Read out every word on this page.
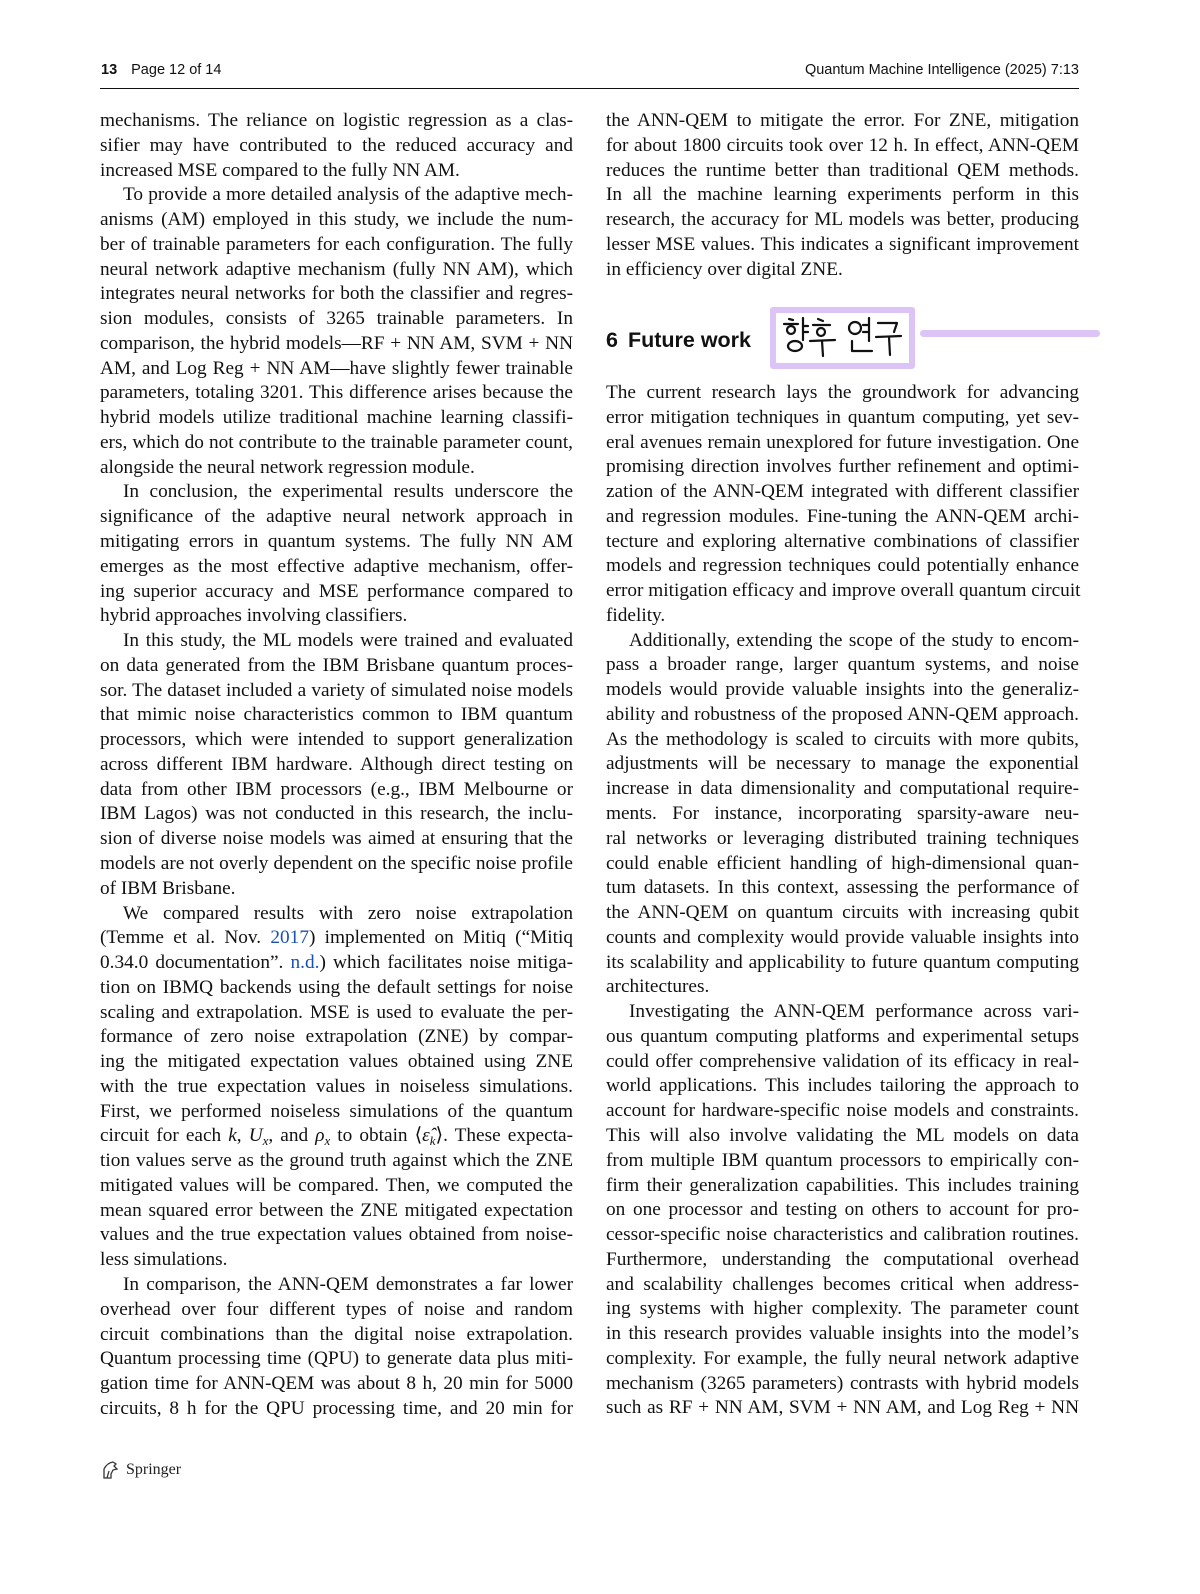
13 Page 12 of 14	Quantum Machine Intelligence (2025) 7:13
mechanisms. The reliance on logistic regression as a clas-
sifier may have contributed to the reduced accuracy and
increased MSE compared to the fully NN AM.
To provide a more detailed analysis of the adaptive mech-
anisms (AM) employed in this study, we include the num-
ber of trainable parameters for each configuration. The fully
neural network adaptive mechanism (fully NN AM), which
integrates neural networks for both the classifier and regres-
sion modules, consists of 3265 trainable parameters. In
comparison, the hybrid models—RF + NN AM, SVM + NN
AM, and Log Reg + NN AM—have slightly fewer trainable
parameters, totaling 3201. This difference arises because the
hybrid models utilize traditional machine learning classifi-
ers, which do not contribute to the trainable parameter count,
alongside the neural network regression module.
In conclusion, the experimental results underscore the
significance of the adaptive neural network approach in
mitigating errors in quantum systems. The fully NN AM
emerges as the most effective adaptive mechanism, offer-
ing superior accuracy and MSE performance compared to
hybrid approaches involving classifiers.
In this study, the ML models were trained and evaluated
on data generated from the IBM Brisbane quantum proces-
sor. The dataset included a variety of simulated noise models
that mimic noise characteristics common to IBM quantum
processors, which were intended to support generalization
across different IBM hardware. Although direct testing on
data from other IBM processors (e.g., IBM Melbourne or
IBM Lagos) was not conducted in this research, the inclu-
sion of diverse noise models was aimed at ensuring that the
models are not overly dependent on the specific noise profile
of IBM Brisbane.
We compared results with zero noise extrapolation
(Temme et al. Nov. 2017) implemented on Mitiq (“Mitiq
0.34.0 documentation”. n.d.) which facilitates noise mitiga-
tion on IBMQ backends using the default settings for noise
scaling and extrapolation. MSE is used to evaluate the per-
formance of zero noise extrapolation (ZNE) by compar-
ing the mitigated expectation values obtained using ZNE
with the true expectation values in noiseless simulations.
First, we performed noiseless simulations of the quantum
circuit for each k, $U_x$, and $\rho_x$ to obtain $⟨\varepsilon̂_k⟩$. These expecta-
tion values serve as the ground truth against which the ZNE
mitigated values will be compared. Then, we computed the
mean squared error between the ZNE mitigated expectation
values and the true expectation values obtained from noise-
less simulations.
In comparison, the ANN-QEM demonstrates a far lower
overhead over four different types of noise and random
circuit combinations than the digital noise extrapolation.
Quantum processing time (QPU) to generate data plus miti-
gation time for ANN-QEM was about 8 h, 20 min for 5000
circuits, 8 h for the QPU processing time, and 20 min for
the ANN-QEM to mitigate the error. For ZNE, mitigation
for about 1800 circuits took over 12 h. In effect, ANN-QEM
reduces the runtime better than traditional QEM methods.
In all the machine learning experiments perform in this
research, the accuracy for ML models was better, producing
lesser MSE values. This indicates a significant improvement
in efficiency over digital ZNE.
6 Future work
The current research lays the groundwork for advancing
error mitigation techniques in quantum computing, yet sev-
eral avenues remain unexplored for future investigation. One
promising direction involves further refinement and optimi-
zation of the ANN-QEM integrated with different classifier
and regression modules. Fine-tuning the ANN-QEM archi-
tecture and exploring alternative combinations of classifier
models and regression techniques could potentially enhance
error mitigation efficacy and improve overall quantum circuit
fidelity.
Additionally, extending the scope of the study to encom-
pass a broader range, larger quantum systems, and noise
models would provide valuable insights into the generaliz-
ability and robustness of the proposed ANN-QEM approach.
As the methodology is scaled to circuits with more qubits,
adjustments will be necessary to manage the exponential
increase in data dimensionality and computational require-
ments. For instance, incorporating sparsity-aware neu-
ral networks or leveraging distributed training techniques
could enable efficient handling of high-dimensional quan-
tum datasets. In this context, assessing the performance of
the ANN-QEM on quantum circuits with increasing qubit
counts and complexity would provide valuable insights into
its scalability and applicability to future quantum computing
architectures.
Investigating the ANN-QEM performance across vari-
ous quantum computing platforms and experimental setups
could offer comprehensive validation of its efficacy in real-
world applications. This includes tailoring the approach to
account for hardware-specific noise models and constraints.
This will also involve validating the ML models on data
from multiple IBM quantum processors to empirically con-
firm their generalization capabilities. This includes training
on one processor and testing on others to account for pro-
cessor-specific noise characteristics and calibration routines.
Furthermore, understanding the computational overhead
and scalability challenges becomes critical when address-
ing systems with higher complexity. The parameter count
in this research provides valuable insights into the model’s
complexity. For example, the fully neural network adaptive
mechanism (3265 parameters) contrasts with hybrid models
such as RF + NN AM, SVM + NN AM, and Log Reg + NN
Springer
